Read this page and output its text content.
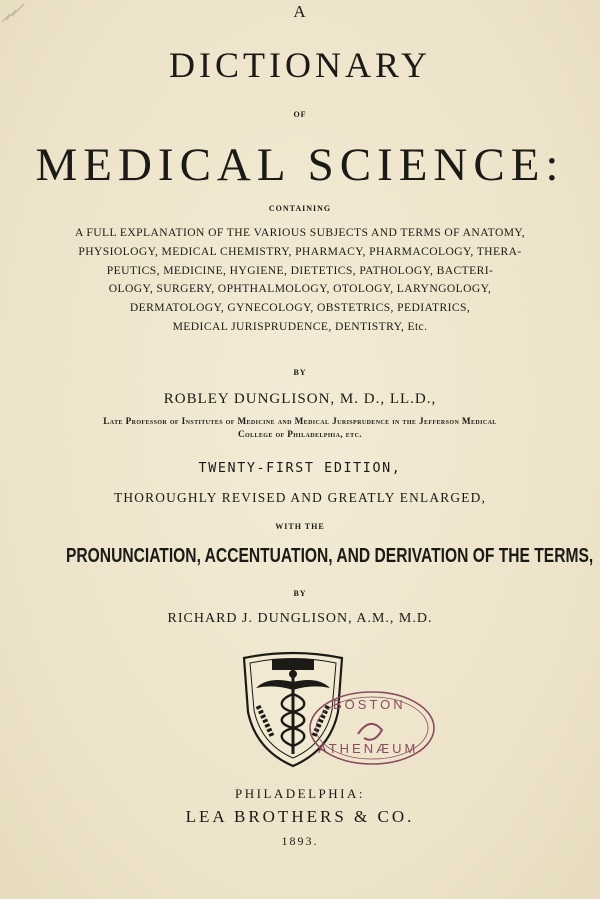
A
DICTIONARY
OF
MEDICAL SCIENCE:
CONTAINING
A FULL EXPLANATION OF THE VARIOUS SUBJECTS AND TERMS OF ANATOMY,
PHYSIOLOGY, MEDICAL CHEMISTRY, PHARMACY, PHARMACOLOGY, THERA-
PEUTICS, MEDICINE, HYGIENE, DIETETICS, PATHOLOGY, BACTERI-
OLOGY, SURGERY, OPHTHALMOLOGY, OTOLOGY, LARYNGOLOGY,
DERMATOLOGY, GYNECOLOGY, OBSTETRICS, PEDIATRICS,
MEDICAL JURISPRUDENCE, DENTISTRY, Etc.
BY
ROBLEY DUNGLISON, M. D., LL.D.,
Late Professor of Institutes of Medicine and Medical Jurisprudence in the Jefferson Medical
College of Philadelphia, etc.
TWENTY-FIRST EDITION,
THOROUGHLY REVISED AND GREATLY ENLARGED,
WITH THE
PRONUNCIATION, ACCENTUATION, AND DERIVATION OF THE TERMS,
BY
RICHARD J. DUNGLISON, A.M., M.D.
BOSTON
ATHENÆUM
PHILADELPHIA:
LEA BROTHERS & CO.
1893.
